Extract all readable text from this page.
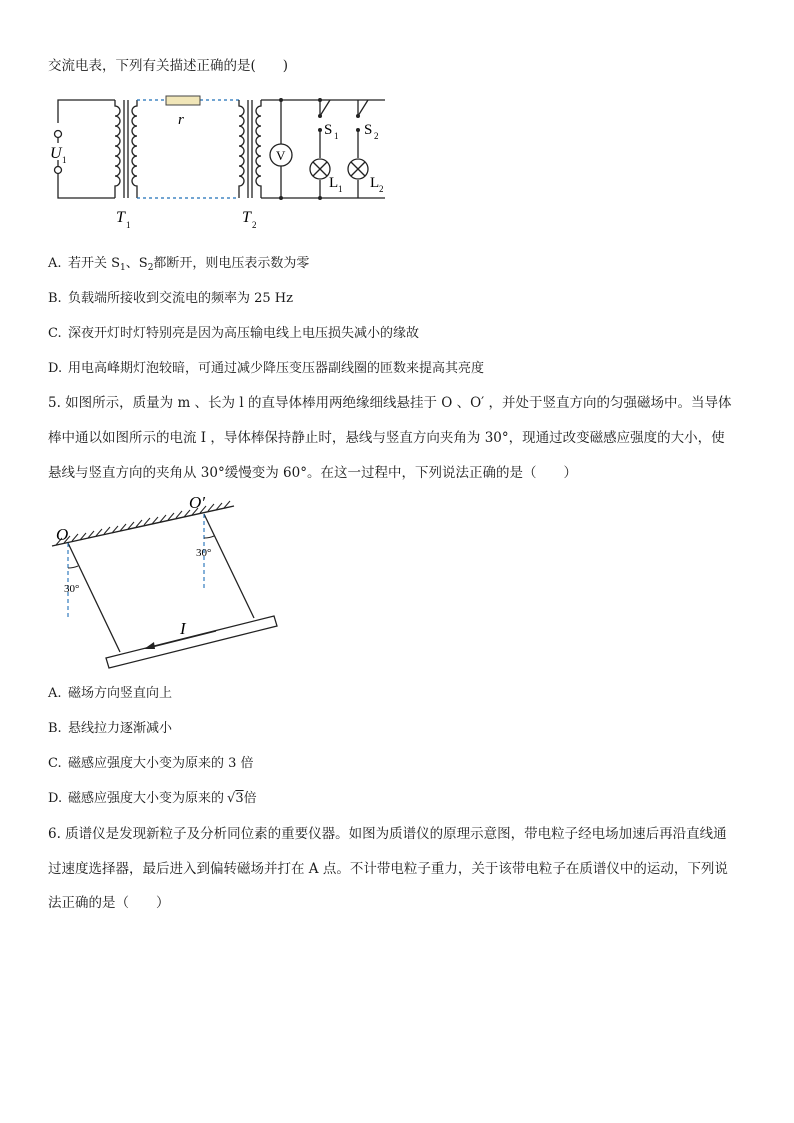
交流电表，下列有关描述正确的是(　　)
r
U 1
T 1	T 2
V
S 1 S 2
L 1 L 2
A. 若开关 $S_1$、$S_2$都断开，则电压表示数为零
B. 负载端所接收到交流电的频率为 25 Hz
C. 深夜开灯时灯特别亮是因为高压输电线上电压损失减小的缘故
D. 用电高峰期灯泡较暗，可通过减少降压变压器副线圈的匝数来提高其亮度
5. 如图所示，质量为 m 、长为 l 的直导体棒用两绝缘细线悬挂于 O 、O′ ，并处于竖直方向的匀强磁场中。当导体
棒中通以如图所示的电流 I ，导体棒保持静止时，悬线与竖直方向夹角为 30°，现通过改变磁感应强度的大小，使
悬线与竖直方向的夹角从 30°缓慢变为 60°。在这一过程中，下列说法正确的是（　　）
O
O′
30°
30°
I
A. 磁场方向竖直向上
B. 悬线拉力逐渐减小
C. 磁感应强度大小变为原来的 3 倍
D. 磁感应强度大小变为原来的 √3倍
6. 质谱仪是发现新粒子及分析同位素的重要仪器。如图为质谱仪的原理示意图，带电粒子经电场加速后再沿直线通
过速度选择器，最后进入到偏转磁场并打在 A 点。不计带电粒子重力，关于该带电粒子在质谱仪中的运动，下列说
法正确的是（　　）
